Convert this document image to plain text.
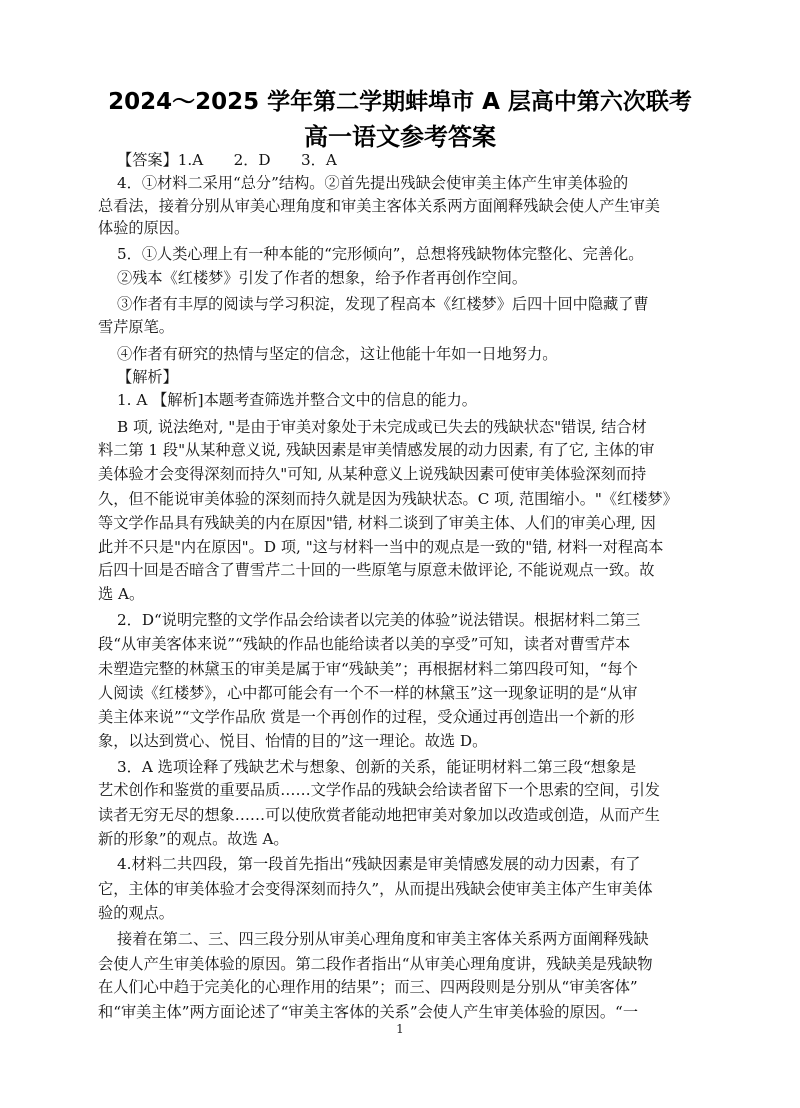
2024～2025 学年第二学期蚌埠市 A 层高中第六次联考
高一语文参考答案
【答案】1.A　　2．D　　3．A
4．①材料二采用“总分”结构。②首先提出残缺会使审美主体产生审美体验的
总看法，接着分别从审美心理角度和审美主客体关系两方面阐释残缺会使人产生审美
体验的原因。
5．①人类心理上有一种本能的“完形倾向”，总想将残缺物体完整化、完善化。
②残本《红楼梦》引发了作者的想象，给予作者再创作空间。
③作者有丰厚的阅读与学习积淀，发现了程高本《红楼梦》后四十回中隐藏了曹
雪芹原笔。
④作者有研究的热情与坚定的信念，这让他能十年如一日地努力。
【解析】
1. A 【解析]本题考查筛选并整合文中的信息的能力。
B 项, 说法绝对, "是由于审美对象处于未完成或已失去的残缺状态"错误, 结合材
料二第 1 段"从某种意义说, 残缺因素是审美情感发展的动力因素, 有了它, 主体的审
美体验才会变得深刻而持久"可知, 从某种意义上说残缺因素可使审美体验深刻而持
久，但不能说审美体验的深刻而持久就是因为残缺状态。C 项, 范围缩小。"《红楼梦》
等文学作品具有残缺美的内在原因"错, 材料二谈到了审美主体、人们的审美心理, 因
此并不只是"内在原因"。D 项, "这与材料一当中的观点是一致的"错, 材料一对程高本
后四十回是否暗含了曹雪芹二十回的一些原笔与原意未做评论, 不能说观点一致。故
选 A。
2．D“说明完整的文学作品会给读者以完美的体验”说法错误。根据材料二第三
段“从审美客体来说”“残缺的作品也能给读者以美的享受”可知，读者对曹雪芹本
未塑造完整的林黛玉的审美是属于审“残缺美”；再根据材料二第四段可知，“每个
人阅读《红楼梦》，心中都可能会有一个不一样的林黛玉”这一现象证明的是“从审
美主体来说”“文学作品欣 赏是一个再创作的过程，受众通过再创造出一个新的形
象，以达到赏心、悦目、怡情的目的”这一理论。故选 D。
3．A 选项诠释了残缺艺术与想象、创新的关系，能证明材料二第三段“想象是
艺术创作和鉴赏的重要品质……文学作品的残缺会给读者留下一个思索的空间，引发
读者无穷无尽的想象……可以使欣赏者能动地把审美对象加以改造或创造，从而产生
新的形象”的观点。故选 A。
4.材料二共四段，第一段首先指出“残缺因素是审美情感发展的动力因素，有了
它，主体的审美体验才会变得深刻而持久”，从而提出残缺会使审美主体产生审美体
验的观点。
接着在第二、三、四三段分别从审美心理角度和审美主客体关系两方面阐释残缺
会使人产生审美体验的原因。第二段作者指出“从审美心理角度讲，残缺美是残缺物
在人们心中趋于完美化的心理作用的结果”；而三、四两段则是分别从“审美客体”
和“审美主体”两方面论述了“审美主客体的关系”会使人产生审美体验的原因。“一
1
